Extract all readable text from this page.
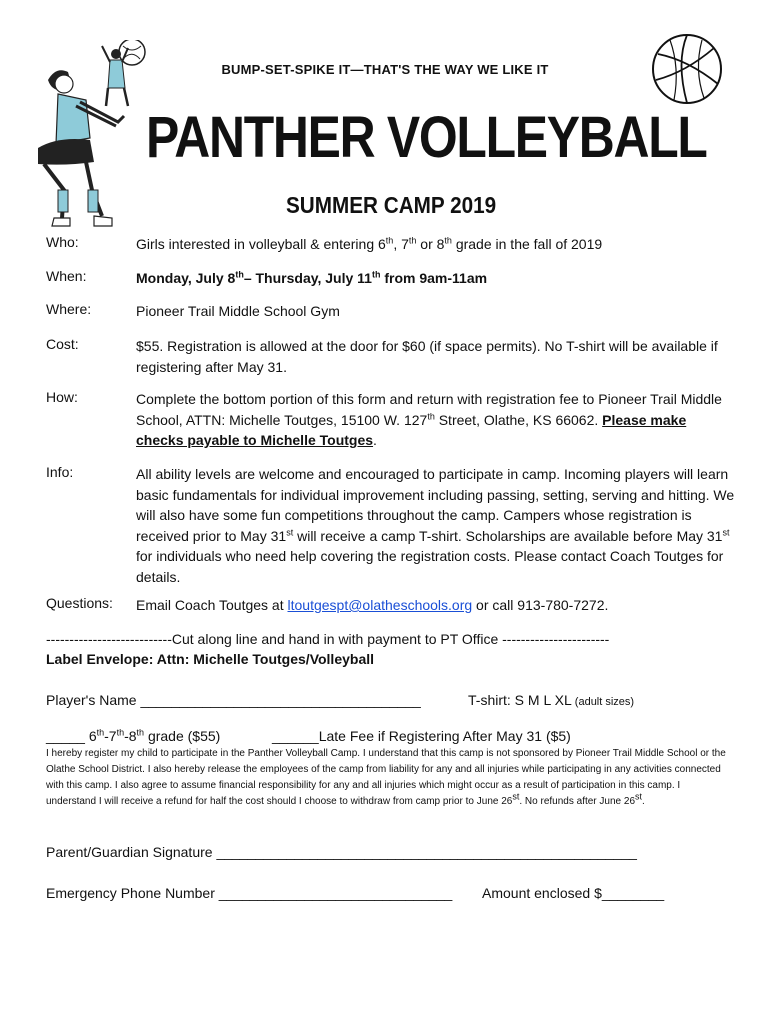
BUMP-SET-SPIKE IT—THAT'S THE WAY WE LIKE IT
PANTHER VOLLEYBALL
SUMMER CAMP 2019
Who:	Girls interested in volleyball & entering 6th, 7th or 8th grade in the fall of 2019
When:	Monday, July 8th– Thursday, July 11th from 9am-11am
Where:	Pioneer Trail Middle School Gym
Cost:	$55. Registration is allowed at the door for $60 (if space permits). No T-shirt will be available if registering after May 31.
How:	Complete the bottom portion of this form and return with registration fee to Pioneer Trail Middle School, ATTN: Michelle Toutges, 15100 W. 127th Street, Olathe, KS 66062. Please make checks payable to Michelle Toutges.
Info:	All ability levels are welcome and encouraged to participate in camp. Incoming players will learn basic fundamentals for individual improvement including passing, setting, serving and hitting. We will also have some fun competitions throughout the camp. Campers whose registration is received prior to May 31st will receive a camp T-shirt. Scholarships are available before May 31st for individuals who need help covering the registration costs. Please contact Coach Toutges for details.
Questions: Email Coach Toutges at ltoutgespt@olatheschools.org or call 913-780-7272.
---------------------------Cut along line and hand in with payment to PT Office -----------------------
Label Envelope: Attn: Michelle Toutges/Volleyball
Player's Name ____________________________________	T-shirt: S M L XL (adult sizes)
_____ 6th-7th-8th grade ($55)	______Late Fee if Registering After May 31 ($5)
I hereby register my child to participate in the Panther Volleyball Camp. I understand that this camp is not sponsored by Pioneer Trail Middle School or the Olathe School District. I also hereby release the employees of the camp from liability for any and all injuries while participating in any activities connected with this camp. I also agree to assume financial responsibility for any and all injuries which might occur as a result of participation in this camp. I understand I will receive a refund for half the cost should I choose to withdraw from camp prior to June 26st. No refunds after June 26st.
Parent/Guardian Signature ______________________________________________________
Emergency Phone Number ______________________________ Amount enclosed $________
